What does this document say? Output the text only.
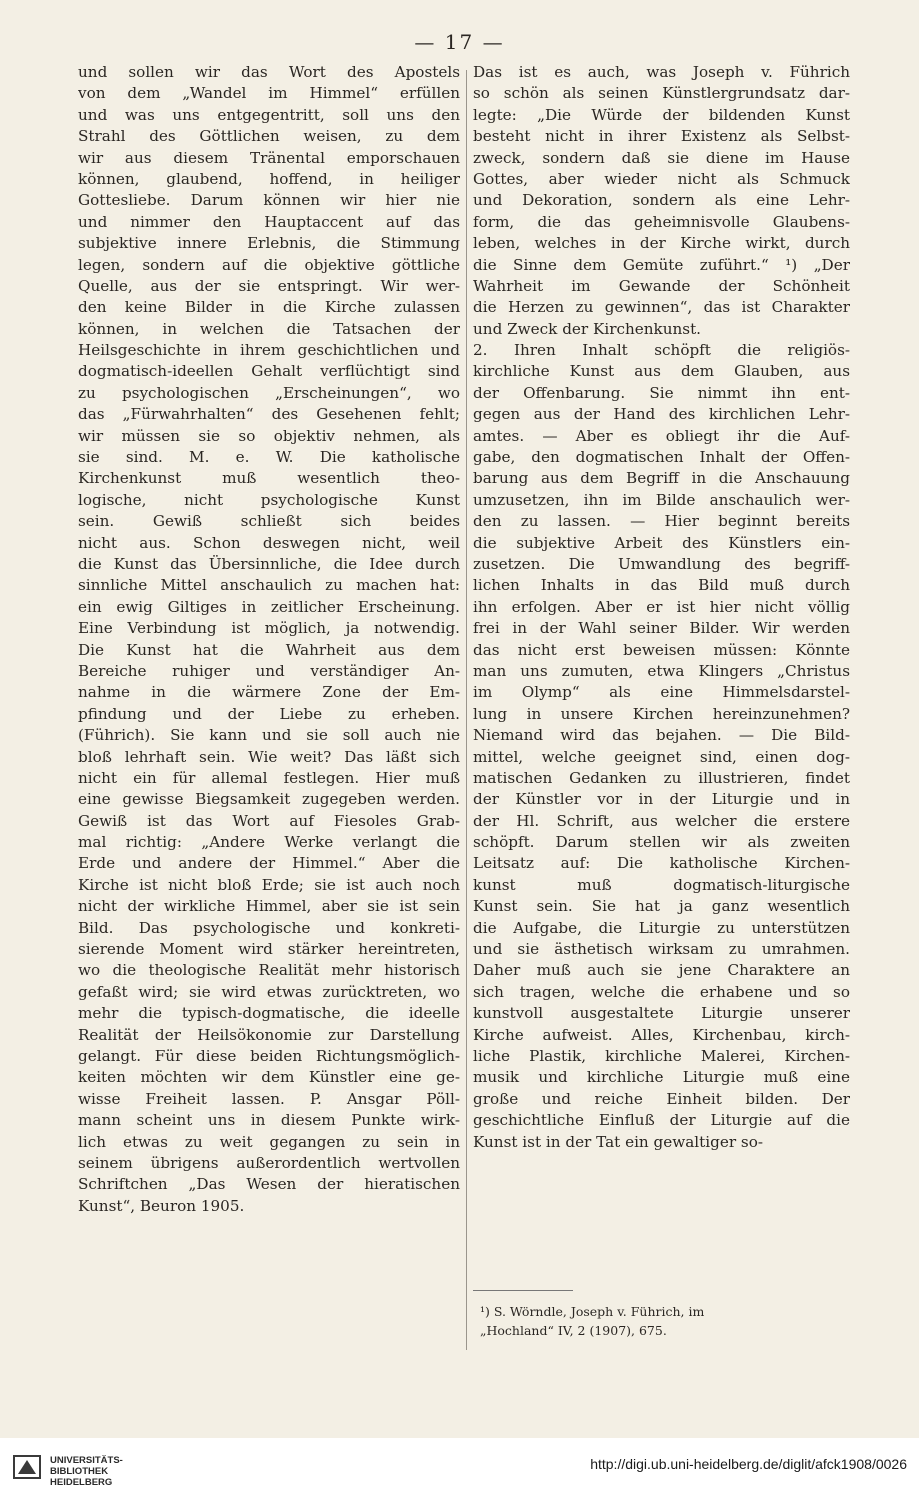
— 17 —
und sollen wir das Wort des Apostels
von dem „Wandel im Himmel“ erfüllen
und was uns entgegentritt, soll uns den
Strahl des Göttlichen weisen, zu dem
wir aus diesem Tränental emporschauen
können, glaubend, hoffend, in heiliger
Gottesliebe. Darum können wir hier nie
und nimmer den Hauptaccent auf das
subjektive innere Erlebnis, die Stimmung
legen, sondern auf die objektive göttliche
Quelle, aus der sie entspringt. Wir wer-
den keine Bilder in die Kirche zulassen
können, in welchen die Tatsachen der
Heilsgeschichte in ihrem geschichtlichen und
dogmatisch-ideellen Gehalt verflüchtigt sind
zu psychologischen „Erscheinungen“, wo
das „Fürwahrhalten“ des Gesehenen fehlt;
wir müssen sie so objektiv nehmen, als
sie sind. M. e. W. Die katholische
Kirchenkunst muß wesentlich theo-
logische, nicht psychologische Kunst
sein. Gewiß schließt sich beides
nicht aus. Schon deswegen nicht, weil
die Kunst das Übersinnliche, die Idee durch
sinnliche Mittel anschaulich zu machen hat:
ein ewig Giltiges in zeitlicher Erscheinung.
Eine Verbindung ist möglich, ja notwendig.
Die Kunst hat die Wahrheit aus dem
Bereiche ruhiger und verständiger An-
nahme in die wärmere Zone der Em-
pfindung und der Liebe zu erheben.
(Führich). Sie kann und sie soll auch nie
bloß lehrhaft sein. Wie weit? Das läßt sich
nicht ein für allemal festlegen. Hier muß
eine gewisse Biegsamkeit zugegeben werden.
Gewiß ist das Wort auf Fiesoles Grab-
mal richtig: „Andere Werke verlangt die
Erde und andere der Himmel.“ Aber die
Kirche ist nicht bloß Erde; sie ist auch noch
nicht der wirkliche Himmel, aber sie ist sein
Bild. Das psychologische und konkreti-
sierende Moment wird stärker hereintreten,
wo die theologische Realität mehr historisch
gefaßt wird; sie wird etwas zurücktreten, wo
mehr die typisch-dogmatische, die ideelle
Realität der Heilsökonomie zur Darstellung
gelangt. Für diese beiden Richtungsmöglich-
keiten möchten wir dem Künstler eine ge-
wisse Freiheit lassen. P. Ansgar Pöll-
mann scheint uns in diesem Punkte wirk-
lich etwas zu weit gegangen zu sein in
seinem übrigens außerordentlich wertvollen
Schriftchen „Das Wesen der hieratischen
Kunst“, Beuron 1905.
Das ist es auch, was Joseph v. Führich
so schön als seinen Künstlergrundsatz dar-
legte: „Die Würde der bildenden Kunst
besteht nicht in ihrer Existenz als Selbst-
zweck, sondern daß sie diene im Hause
Gottes, aber wieder nicht als Schmuck
und Dekoration, sondern als eine Lehr-
form, die das geheimnisvolle Glaubens-
leben, welches in der Kirche wirkt, durch
die Sinne dem Gemüte zuführt.“ ¹) „Der
Wahrheit im Gewande der Schönheit
die Herzen zu gewinnen“, das ist Charakter
und Zweck der Kirchenkunst.
2. Ihren Inhalt schöpft die religiös-
kirchliche Kunst aus dem Glauben, aus
der Offenbarung. Sie nimmt ihn ent-
gegen aus der Hand des kirchlichen Lehr-
amtes. — Aber es obliegt ihr die Auf-
gabe, den dogmatischen Inhalt der Offen-
barung aus dem Begriff in die Anschauung
umzusetzen, ihn im Bilde anschaulich wer-
den zu lassen. — Hier beginnt bereits
die subjektive Arbeit des Künstlers ein-
zusetzen. Die Umwandlung des begriff-
lichen Inhalts in das Bild muß durch
ihn erfolgen. Aber er ist hier nicht völlig
frei in der Wahl seiner Bilder. Wir werden
das nicht erst beweisen müssen: Könnte
man uns zumuten, etwa Klingers „Christus
im Olymp“ als eine Himmelsdarstel-
lung in unsere Kirchen hereinzunehmen?
Niemand wird das bejahen. — Die Bild-
mittel, welche geeignet sind, einen dog-
matischen Gedanken zu illustrieren, findet
der Künstler vor in der Liturgie und in
der Hl. Schrift, aus welcher die erstere
schöpft. Darum stellen wir als zweiten
Leitsatz auf: Die katholische Kirchen-
kunst muß dogmatisch-liturgische
Kunst sein. Sie hat ja ganz wesentlich
die Aufgabe, die Liturgie zu unterstützen
und sie ästhetisch wirksam zu umrahmen.
Daher muß auch sie jene Charaktere an
sich tragen, welche die erhabene und so
kunstvoll ausgestaltete Liturgie unserer
Kirche aufweist. Alles, Kirchenbau, kirch-
liche Plastik, kirchliche Malerei, Kirchen-
musik und kirchliche Liturgie muß eine
große und reiche Einheit bilden. Der
geschichtliche Einfluß der Liturgie auf die
Kunst ist in der Tat ein gewaltiger so-
¹) S. Wörndle, Joseph v. Führich, im
„Hochland“ IV, 2 (1907), 675.
UNIVERSITÄTS-
BIBLIOTHEK
HEIDELBERG
http://digi.ub.uni-heidelberg.de/diglit/afck1908/0026
